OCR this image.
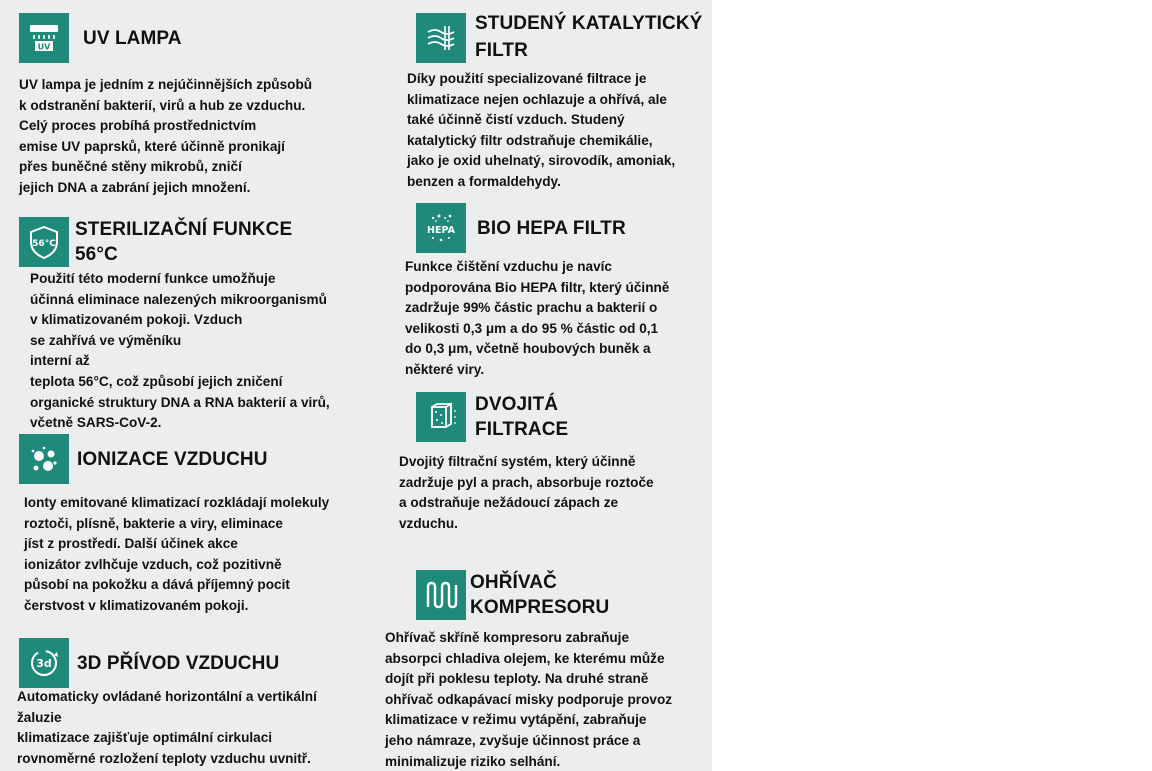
UV UV LAMPA

UV lampa je jedním z nejúčinnějších způsobů
k odstranění bakterií, virů a hub ze vzduchu.
Celý proces probíhá prostřednictvím
emise UV paprsků, které účinně pronikají
přes buněčné stěny mikrobů, zničí
jejich DNA a zabrání jejich množení.

56°C
STERILIZAČNÍ FUNKCE 56°C

Použití této moderní funkce umožňuje
účinná eliminace nalezených mikroorganismů
v klimatizovaném pokoji. Vzduch
se zahřívá ve výměníku
interní až
teplota 56°C, což způsobí jejich zničení
organické struktury DNA a RNA bakterií a virů,
včetně SARS-CoV-2.

IONIZACE VZDUCHU

Ionty emitované klimatizací rozkládají molekuly
roztoči, plísně, bakterie a viry, eliminace
jíst z prostředí. Další účinek akce
ionizátor zvlhčuje vzduch, což pozitivně
působí na pokožku a dává příjemný pocit
čerstvost v klimatizovaném pokoji.

3d 3D PŘÍVOD VZDUCHU

Automaticky ovládané horizontální a vertikální
žaluzie
klimatizace zajišťuje optimální cirkulaci
rovnoměrné rozložení teploty vzduchu uvnitř.

STUDENÝ KATALYTICKÝ
FILTR

Díky použití specializované filtrace je
klimatizace nejen ochlazuje a ohřívá, ale
také účinně čistí vzduch. Studený
katalytický filtr odstraňuje chemikálie,
jako je oxid uhelnatý, sirovodík, amoniak,
benzen a formaldehydy.

HEPA BIO HEPA FILTR

Funkce čištění vzduchu je navíc
podporována Bio HEPA filtr, který účinně
zadržuje 99% částic prachu a bakterií o
velikosti 0,3 μm a do 95 % částic od 0,1
do 0,3 μm, včetně houbových buněk a
některé viry.

DVOJITÁ FILTRACE

Dvojitý filtrační systém, který účinně
zadržuje pyl a prach, absorbuje roztoče
a odstraňuje nežádoucí zápach ze
vzduchu.

OHŘÍVAČ KOMPRESORU

Ohřívač skříně kompresoru zabraňuje
absorpci chladiva olejem, ke kterému může
dojít při poklesu teploty. Na druhé straně
ohřívač odkapávací misky podporuje provoz
klimatizace v režimu vytápění, zabraňuje
jeho námraze, zvyšuje účinnost práce a
minimalizuje riziko selhání.
